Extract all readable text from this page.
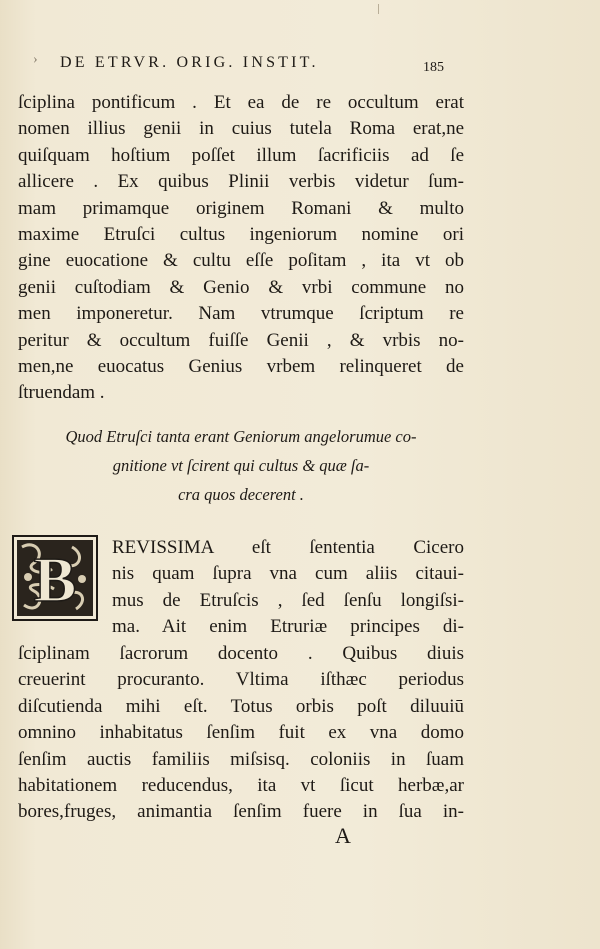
› DE ETRVR. ORIG. INSTIT.	185
ſciplina pontificum . Et ea de re occultum erat
nomen illius genii in cuius tutela Roma erat,ne
quiſquam hoſtium poſſet illum ſacrificiis ad ſe
allicere . Ex quibus Plinii verbis videtur ſum-
mam primamque originem Romani & multo
maxime Etruſci cultus ingeniorum nomine ori
gine euocatione & cultu eſſe poſitam , ita vt ob
genii cuſtodiam & Genio & vrbi commune no
men imponeretur. Nam vtrumque ſcriptum re
peritur & occultum fuiſſe Genii , & vrbis no-
men,ne euocatus Genius vrbem relinqueret de
ſtruendam .
Quod Etruſci tanta erant Geniorum angelorumue co-
gnitione vt ſcirent qui cultus & quæ ſa-
cra quos decerent .
B REVISSIMA eſt ſententia Cicero
nis quam ſupra vna cum aliis citaui-
mus de Etruſcis , ſed ſenſu longiſsi-
ma. Ait enim Etruriæ principes di-
ſciplinam ſacrorum docento . Quibus diuis
creuerint procuranto. Vltima iſthæc periodus
diſcutienda mihi eſt. Totus orbis poſt diluuiū
omnino inhabitatus ſenſim fuit ex vna domo
ſenſim auctis familiis miſsisq. coloniis in ſuam
habitationem reducendus, ita vt ſicut herbæ,ar
bores,fruges, animantia ſenſim fuere in ſua in-
A
